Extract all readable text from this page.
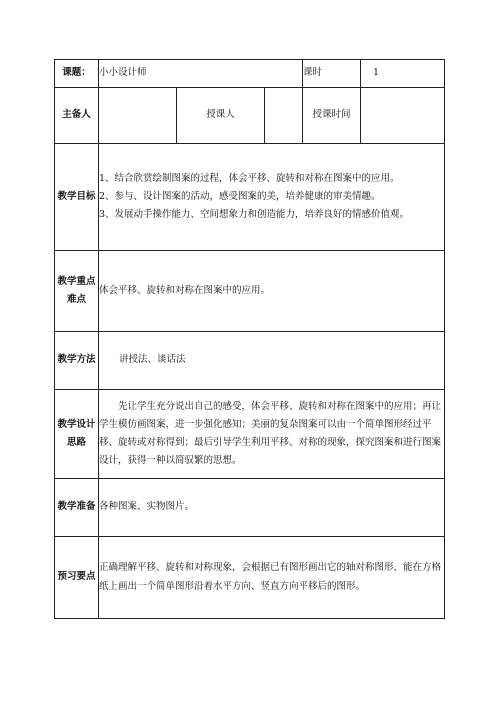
课题：	小小设计师			课时	1
主备人		授课人		授课时间	
教学目标	1、结合欣赏绘制图案的过程，体会平移、旋转和对称在图案中的应用。

2、参与、设计图案的活动，感受图案的美，培养健康的审美情趣。

3、发展动手操作能力、空间想象力和创造能力，培养良好的情感价值观。				

教学重点难点	体会平移、旋转和对称在图案中的应用。				
教学方法	讲授法、谈话法				
教学设计思路	先让学生充分说出自己的感受，体会平移、旋转和对称在图案中的应用；再让学生模仿画图案，进一步强化感知；美丽的复杂图案可以由一个简单图形经过平移、旋转或对称得到；最后引导学生利用平移、对称的现象，探究图案和进行图案设计，获得一种以简驭繁的思想。				
教学准备	各种图案、实物图片。				
预习要点	正确理解平移、旋转和对称现象，会根据已有图形画出它的轴对称图形，能在方格纸上画出一个简单图形沿着水平方向、竖直方向平移后的图形。				
